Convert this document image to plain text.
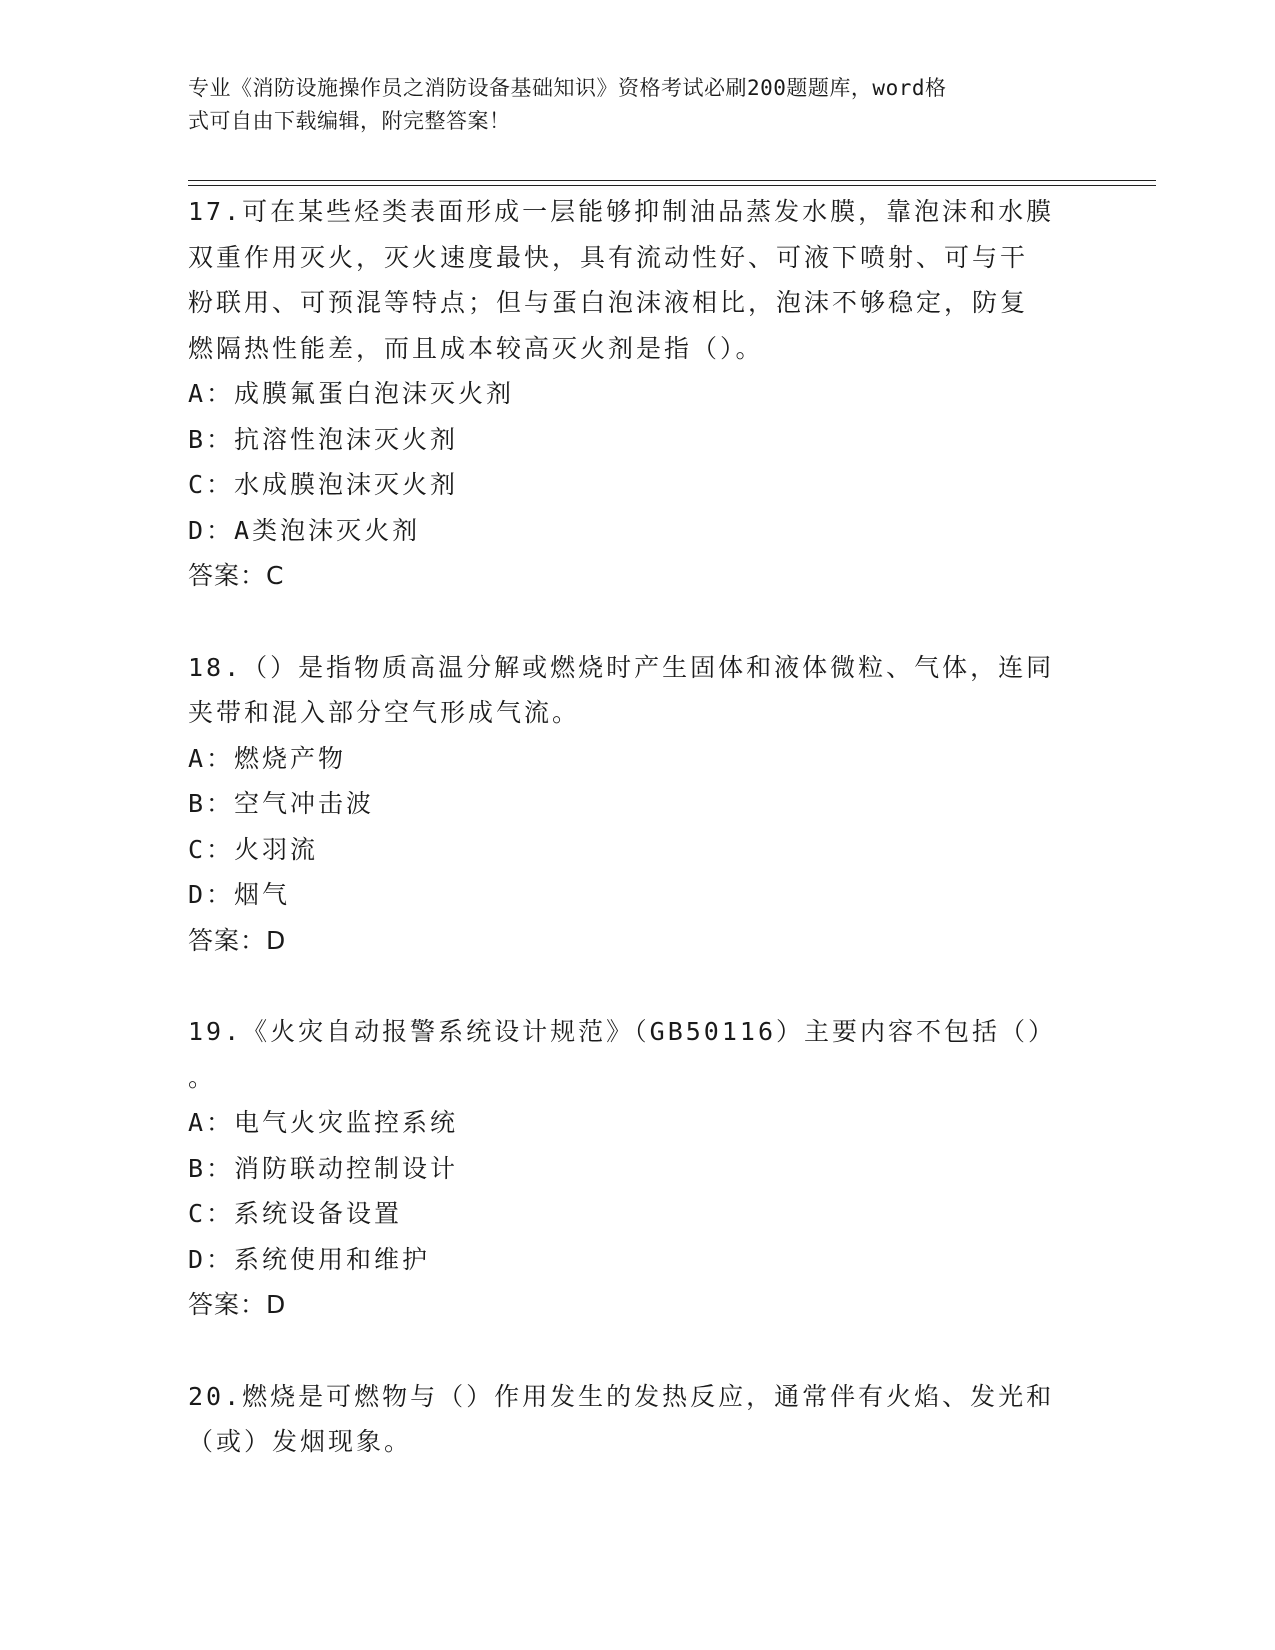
专业《消防设施操作员之消防设备基础知识》资格考试必刷200题题库，word格
式可自由下载编辑，附完整答案！
17.可在某些烃类表面形成一层能够抑制油品蒸发水膜，靠泡沫和水膜
双重作用灭火，灭火速度最快，具有流动性好、可液下喷射、可与干
粉联用、可预混等特点；但与蛋白泡沫液相比，泡沫不够稳定，防复
燃隔热性能差，而且成本较高灭火剂是指（）。
A：成膜氟蛋白泡沫灭火剂
B：抗溶性泡沫灭火剂
C：水成膜泡沫灭火剂
D：A类泡沫灭火剂
答案：C
18.（）是指物质高温分解或燃烧时产生固体和液体微粒、气体，连同
夹带和混入部分空气形成气流。
A：燃烧产物
B：空气冲击波
C：火羽流
D：烟气
答案：D
19.《火灾自动报警系统设计规范》（GB50116）主要内容不包括（）
。
A：电气火灾监控系统
B：消防联动控制设计
C：系统设备设置
D：系统使用和维护
答案：D
20.燃烧是可燃物与（）作用发生的发热反应，通常伴有火焰、发光和
（或）发烟现象。
